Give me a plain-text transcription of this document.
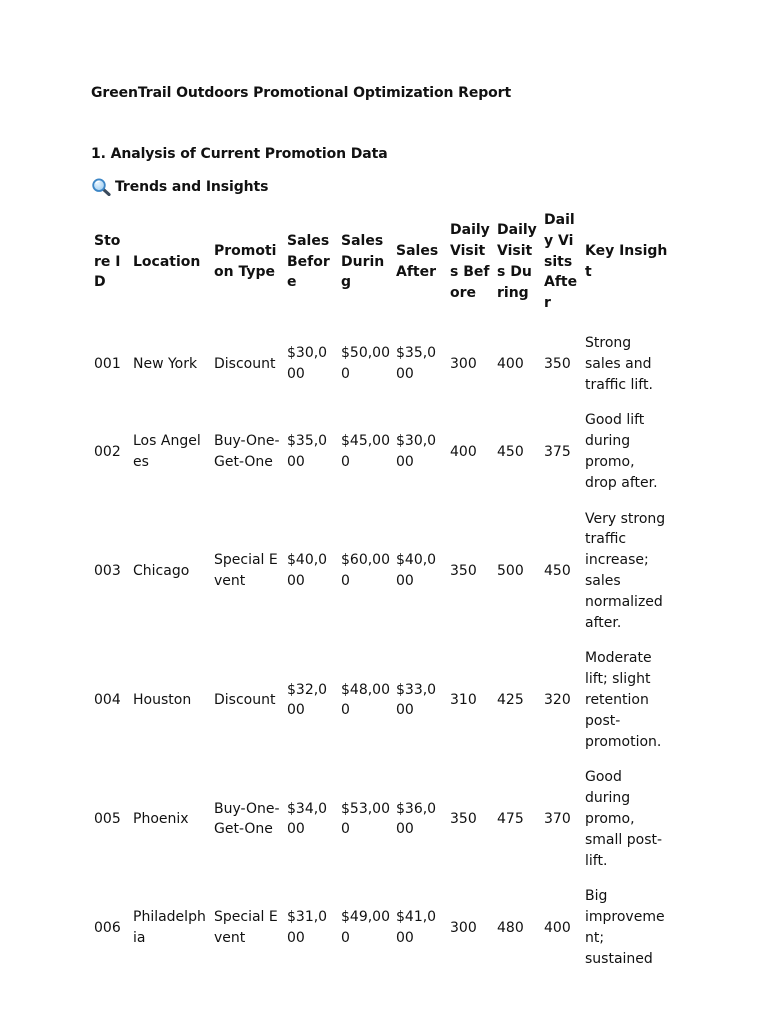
GreenTrail Outdoors Promotional Optimization Report
1. Analysis of Current Promotion Data
Trends and Insights
Store ID	Location	Promotion Type	Sales Before	Sales During	Sales After	Daily Visits Before	Daily Visits During	Daily Visits After	Key Insight
001	New York	Discount	$30,000	$50,000	$35,000	300	400	350	Strong sales and traffic lift.
002	Los Angeles	Buy-One-Get-One	$35,000	$45,000	$30,000	400	450	375	Good lift during promo, drop after.
003	Chicago	Special Event	$40,000	$60,000	$40,000	350	500	450	Very strong traffic increase; sales normalized after.
004	Houston	Discount	$32,000	$48,000	$33,000	310	425	320	Moderate lift; slight retention post-promotion.
005	Phoenix	Buy-One-Get-One	$34,000	$53,000	$36,000	350	475	370	Good during promo, small post-lift.
006	Philadelphia	Special Event	$31,000	$49,000	$41,000	300	480	400	Big improvement; sustained
